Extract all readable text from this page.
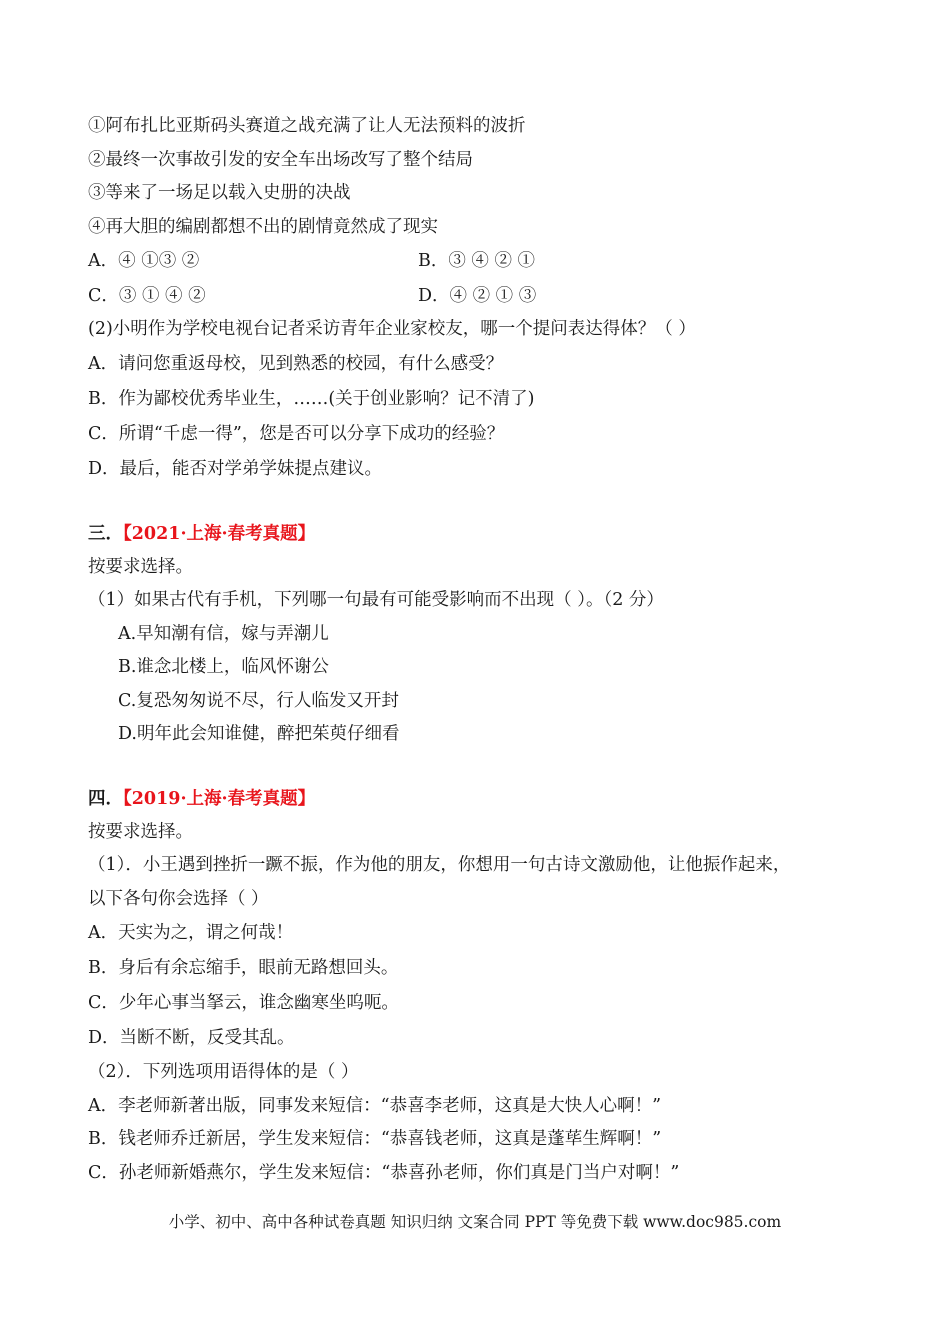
①阿布扎比亚斯码头赛道之战充满了让人无法预料的波折
②最终一次事故引发的安全车出场改写了整个结局
③等来了一场足以载入史册的决战
④再大胆的编剧都想不出的剧情竟然成了现实
A．④ ①③ ②	B．③ ④ ② ①
C．③ ① ④ ②	D．④ ② ① ③
(2)小明作为学校电视台记者采访青年企业家校友，哪一个提问表达得体？（ ）
A．请问您重返母校，见到熟悉的校园，有什么感受？
B．作为鄙校优秀毕业生，……(关于创业影响？记不清了)
C．所谓“千虑一得”，您是否可以分享下成功的经验？
D．最后，能否对学弟学妹提点建议。
三．【2021·上海·春考真题】
按要求选择。
（1）如果古代有手机，下列哪一句最有可能受影响而不出现（ ）。（2 分）
A.早知潮有信，嫁与弄潮儿
B.谁念北楼上，临风怀谢公
C.复恐匆匆说不尽，行人临发又开封
D.明年此会知谁健，醉把茱萸仔细看
四．【2019·上海·春考真题】
按要求选择。
（1）．小王遇到挫折一蹶不振，作为他的朋友，你想用一句古诗文激励他，让他振作起来，
以下各句你会选择（ ）
A．天实为之，谓之何哉！
B．身后有余忘缩手，眼前无路想回头。
C．少年心事当拏云，谁念幽寒坐呜呃。
D．当断不断，反受其乱。
（2）．下列选项用语得体的是（ ）
A．李老师新著出版，同事发来短信：“恭喜李老师，这真是大快人心啊！”
B．钱老师乔迁新居，学生发来短信：“恭喜钱老师，这真是蓬荜生辉啊！”
C．孙老师新婚燕尔，学生发来短信：“恭喜孙老师，你们真是门当户对啊！”
小学、初中、高中各种试卷真题 知识归纳 文案合同 PPT 等免费下载 www.doc985.com
